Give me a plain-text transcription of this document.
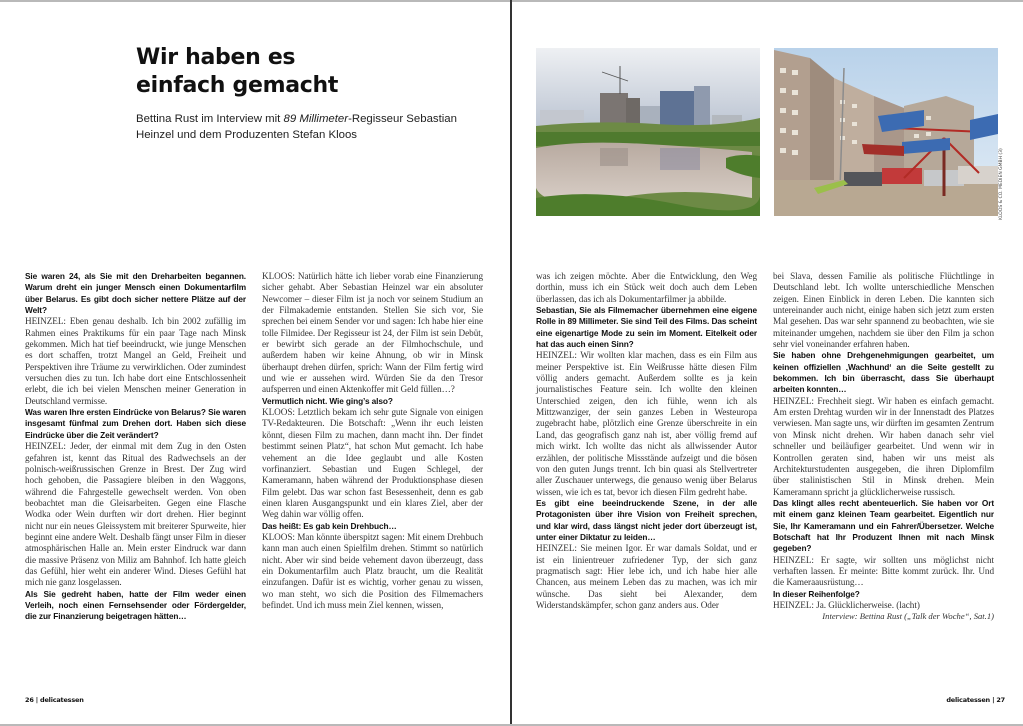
Wir haben es
einfach gemacht
Bettina Rust im Interview mit 89 Millimeter-Regisseur Sebastian Heinzel und dem Produzenten Stefan Kloos

Sie waren 24, als Sie mit den Dreharbeiten begannen. Warum dreht ein junger Mensch einen Dokumentarfilm über Belarus. Es gibt doch sicher nettere Plätze auf der Welt?

HEINZEL: Eben genau deshalb. Ich bin 2002 zufällig im Rahmen eines Praktikums für ein paar Tage nach Minsk gekommen. Mich hat tief beeindruckt, wie junge Menschen es dort schaffen, trotzt Mangel an Geld, Freiheit und Perspektiven ihre Träume zu verwirklichen. Oder zumindest versuchen dies zu tun. Ich habe dort eine Entschlossenheit erlebt, die ich bei vielen Menschen meiner Generation in Deutschland vermisse.

Was waren Ihre ersten Eindrücke von Belarus? Sie waren insgesamt fünfmal zum Drehen dort. Haben sich diese Eindrücke über die Zeit verändert?

HEINZEL: Jeder, der einmal mit dem Zug in den Osten gefahren ist, kennt das Ritual des Radwechsels an der polnisch-weißrussischen Grenze in Brest. Der Zug wird hoch gehoben, die Passagiere bleiben in den Waggons, während die Fahrgestelle gewechselt werden. Von oben beobachtet man die Gleisarbeiten. Gegen eine Flasche Wodka oder Wein durften wir dort drehen. Hier beginnt nicht nur ein neues Gleissystem mit breiterer Spurweite, hier beginnt eine andere Welt. Deshalb fängt unser Film in dieser atmosphärischen Halle an. Mein erster Eindruck war dann die massive Präsenz von Miliz am Bahnhof. Ich hatte gleich das Gefühl, hier weht ein anderer Wind. Dieses Gefühl hat mich nie ganz losgelassen.

Als Sie gedreht haben, hatte der Film weder einen Verleih, noch einen Fernsehsender oder Fördergelder, die zur Finanzierung beigetragen hätten…

KLOOS: Natürlich hätte ich lieber vorab eine Finanzierung sicher gehabt. Aber Sebastian Heinzel war ein absoluter Newcomer – dieser Film ist ja noch vor seinem Studium an der Filmakademie entstanden. Stellen Sie sich vor, Sie sprechen bei einem Sender vor und sagen: Ich habe hier eine tolle Filmidee. Der Regisseur ist 24, der Film ist sein Debüt, er bewirbt sich gerade an der Filmhochschule, und außerdem haben wir keine Ahnung, ob wir in Minsk überhaupt drehen dürfen, sprich: Wann der Film fertig wird und wie er aussehen wird. Würden Sie da den Tresor aufsperren und einen Aktenkoffer mit Geld füllen…?

Vermutlich nicht. Wie ging’s also?

KLOOS: Letztlich bekam ich sehr gute Signale von einigen TV-Redakteuren. Die Botschaft: „Wenn ihr euch leisten könnt, diesen Film zu machen, dann macht ihn. Der findet bestimmt seinen Platz“, hat schon Mut gemacht. Ich habe vehement an die Idee geglaubt und alle Kosten vorfinanziert. Sebastian und Eugen Schlegel, der Kameramann, haben während der Produktionsphase diesen Film gelebt. Das war schon fast Besessenheit, denn es gab einen klaren Ausgangspunkt und ein klares Ziel, aber der Weg dahin war völlig offen.

Das heißt: Es gab kein Drehbuch…

KLOOS: Man könnte überspitzt sagen: Mit einem Drehbuch kann man auch einen Spielfilm drehen. Stimmt so natürlich nicht. Aber wir sind beide vehement davon überzeugt, dass ein Dokumentarfilm auch Platz braucht, um die Realität einzufangen. Dafür ist es wichtig, vorher genau zu wissen, wo man steht, wo sich die Position des Filmemachers befindet. Und ich muss mein Ziel kennen, wissen,

26 | delicatessen
KLOOS & CO. MEDIEN GMBH (3)

was ich zeigen möchte. Aber die Entwicklung, den Weg dorthin, muss ich ein Stück weit doch auch dem Leben überlassen, das ich als Dokumentarfilmer ja abbilde.

Sebastian, Sie als Filmemacher übernehmen eine eigene Rolle in 89 Millimeter. Sie sind Teil des Films. Das scheint eine eigenartige Mode zu sein im Moment. Eitelkeit oder hat das auch einen Sinn?

HEINZEL: Wir wollten klar machen, dass es ein Film aus meiner Perspektive ist. Ein Weißrusse hätte diesen Film völlig anders gemacht. Außerdem sollte es ja kein journalistisches Feature sein. Ich wollte den kleinen Unterschied zeigen, den ich fühle, wenn ich als Mittzwanziger, der sein ganzes Leben in Westeuropa zugebracht habe, plötzlich eine Grenze überschreite in ein Land, das geografisch ganz nah ist, aber völlig fremd auf mich wirkt. Ich wollte das nicht als allwissender Autor erzählen, der politische Missstände aufzeigt und die bösen von den guten Jungs trennt. Ich bin quasi als Stellvertreter aller Zuschauer unterwegs, die genauso wenig über Belarus wissen, wie ich es tat, bevor ich diesen Film gedreht habe.

Es gibt eine beeindruckende Szene, in der alle Protagonisten über ihre Vision von Freiheit sprechen, und klar wird, dass längst nicht jeder dort überzeugt ist, unter einer Diktatur zu leiden…

HEINZEL: Sie meinen Igor. Er war damals Soldat, und er ist ein linientreuer zufriedener Typ, der sich ganz pragmatisch sagt: Hier lebe ich, und ich habe hier alle Chancen, aus meinem Leben das zu machen, was ich mir wünsche. Das sieht bei Alexander, dem Widerstandskämpfer, schon ganz anders aus. Oder

bei Slava, dessen Familie als politische Flüchtlinge in Deutschland lebt. Ich wollte unterschiedliche Menschen zeigen. Einen Einblick in deren Leben. Die kannten sich untereinander auch nicht, einige haben sich jetzt zum ersten Mal gesehen. Das war sehr spannend zu beobachten, wie sie miteinander umgehen, nachdem sie über den Film ja schon sehr viel voneinander erfahren haben.

Sie haben ohne Drehgenehmigungen gearbeitet, um keinen offiziellen ‚Wachhund‘ an die Seite gestellt zu bekommen. Ich bin überrascht, dass Sie überhaupt arbeiten konnten…

HEINZEL: Frechheit siegt. Wir haben es einfach gemacht. Am ersten Drehtag wurden wir in der Innenstadt des Platzes verwiesen. Man sagte uns, wir dürften im gesamten Zentrum von Minsk nicht drehen. Wir haben danach sehr viel schneller und beiläufiger gearbeitet. Und wenn wir in Kontrollen geraten sind, haben wir uns meist als Architekturstudenten ausgegeben, die ihren Diplomfilm über stalinistischen Stil in Minsk drehen. Mein Kameramann spricht ja glücklicherweise russisch.

Das klingt alles recht abenteuerlich. Sie haben vor Ort mit einem ganz kleinen Team gearbeitet. Eigentlich nur Sie, Ihr Kameramann und ein Fahrer/Übersetzer. Welche Botschaft hat Ihr Produzent Ihnen mit nach Minsk gegeben?

HEINZEL: Er sagte, wir sollten uns möglichst nicht verhaften lassen. Er meinte: Bitte kommt zurück. Ihr. Und die Kameraausrüstung…

In dieser Reihenfolge?

HEINZEL: Ja. Glücklicherweise. (lacht)

Interview: Bettina Rust („Talk der Woche“, Sat.1)

delicatessen | 27
